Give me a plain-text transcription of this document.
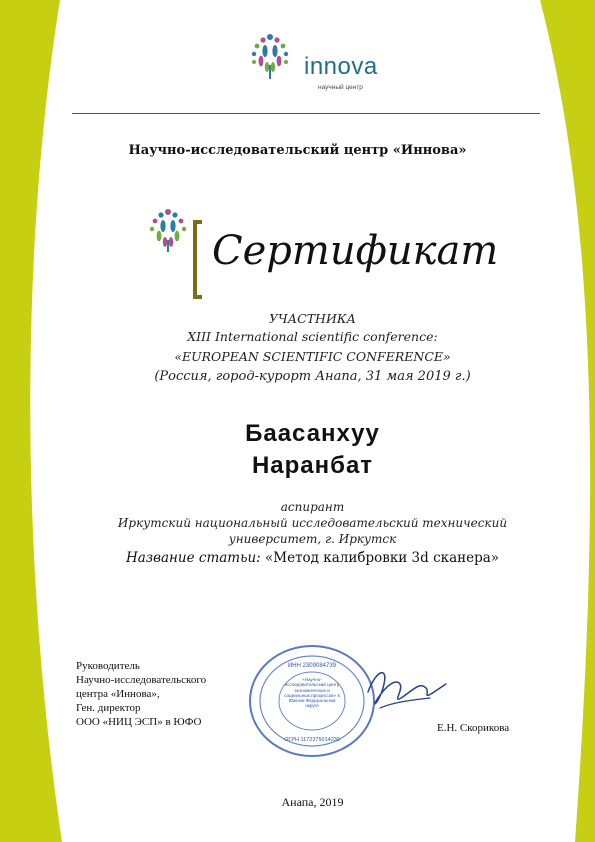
innova
научный центр
Научно-исследовательский центр «Иннова»
Сертификат
УЧАСТНИКА
XIII International scientific conference:
«EUROPEAN SCIENTIFIC CONFERENCE»
(Россия, город-курорт Анапа, 31 мая 2019 г.)
Баасанхуу
Наранбат
аспирант
Иркутский национальный исследовательский технический
университет, г. Иркутск
Название статьи: «Метод калибровки 3d сканера»
Руководитель
Научно-исследовательского
центра «Иннова»,
Ген. директор
ООО «НИЦ ЭСП» в ЮФО
ИНН 2309084739
ОГРН 1172375014239
«Научно-исследовательский центр экономических и социальных процессов» в Южном Федеральном округе
Е.Н. Скорикова
Анапа, 2019
